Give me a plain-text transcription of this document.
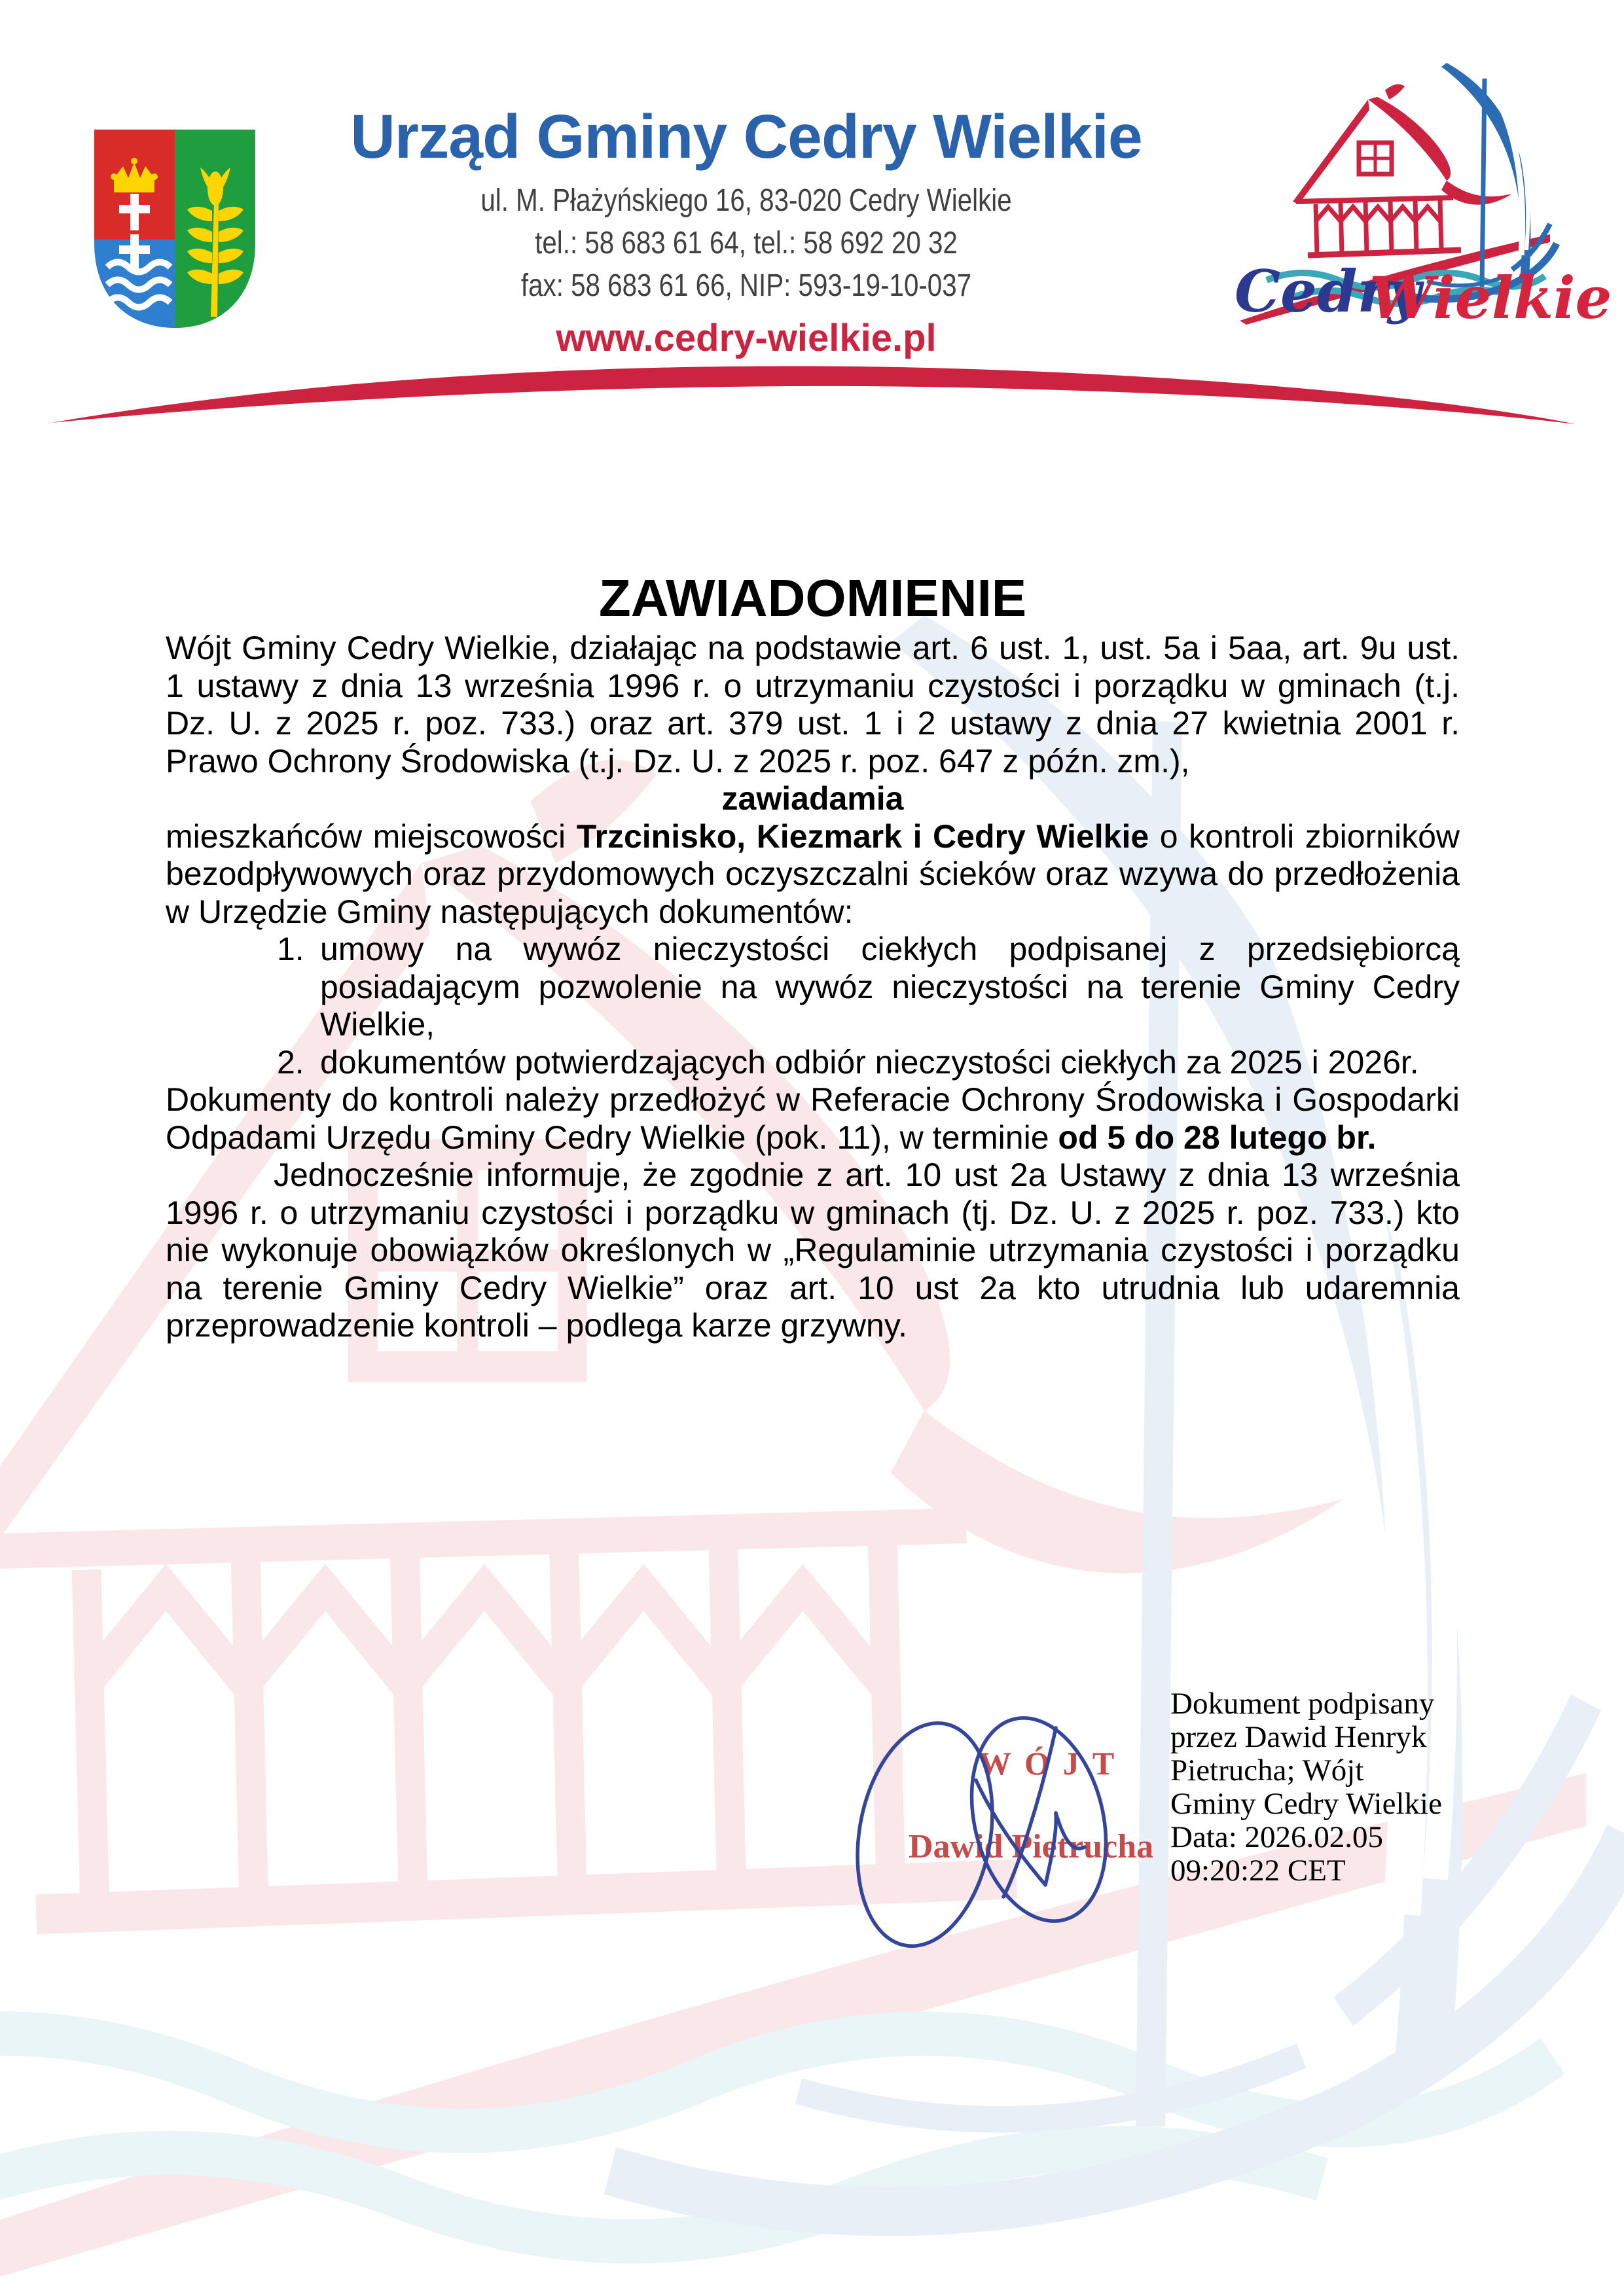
Urząd Gminy Cedry Wielkie
ul. M. Płażyńskiego 16, 83-020 Cedry Wielkie
tel.: 58 683 61 64, tel.: 58 692 20 32
fax: 58 683 61 66, NIP: 593-19-10-037
www.cedry-wielkie.pl
Cedry
Wielkie
ZAWIADOMIENIE

Wójt Gminy Cedry Wielkie, działając na podstawie art. 6 ust. 1, ust. 5a i 5aa, art. 9u ust. 1 ustawy z dnia 13 września 1996 r. o utrzymaniu czystości i porządku w gminach (t.j. Dz. U. z 2025 r. poz. 733.) oraz art. 379 ust. 1 i 2 ustawy z dnia 27 kwietnia 2001 r. Prawo Ochrony Środowiska (t.j. Dz. U. z 2025 r. poz. 647 z późn. zm.),

zawiadamia

mieszkańców miejscowości Trzcinisko, Kiezmark i Cedry Wielkie o kontroli zbiorników bezodpływowych oraz przydomowych oczyszczalni ścieków oraz wzywa do przedłożenia w Urzędzie Gminy następujących dokumentów:

1. umowy na wywóz nieczystości ciekłych podpisanej z przedsiębiorcą posiadającym pozwolenie na wywóz nieczystości na terenie Gminy Cedry Wielkie,
2. dokumentów potwierdzających odbiór nieczystości ciekłych za 2025 i 2026r.

Dokumenty do kontroli należy przedłożyć w Referacie Ochrony Środowiska i Gospodarki Odpadami Urzędu Gminy Cedry Wielkie (pok. 11), w terminie od 5 do 28 lutego br.

Jednocześnie informuje, że zgodnie z art. 10 ust 2a Ustawy z dnia 13 września 1996 r. o utrzymaniu czystości i porządku w gminach (tj. Dz. U. z 2025 r. poz. 733.) kto nie wykonuje obowiązków określonych w „Regulaminie utrzymania czystości i porządku na terenie Gminy Cedry Wielkie” oraz art. 10 ust 2a kto utrudnia lub udaremnia przeprowadzenie kontroli – podlega karze grzywny.

WÓJT
Dawid Pietrucha
Dokument podpisany
przez Dawid Henryk
Pietrucha; Wójt
Gminy Cedry Wielkie
Data: 2026.02.05
09:20:22 CET
